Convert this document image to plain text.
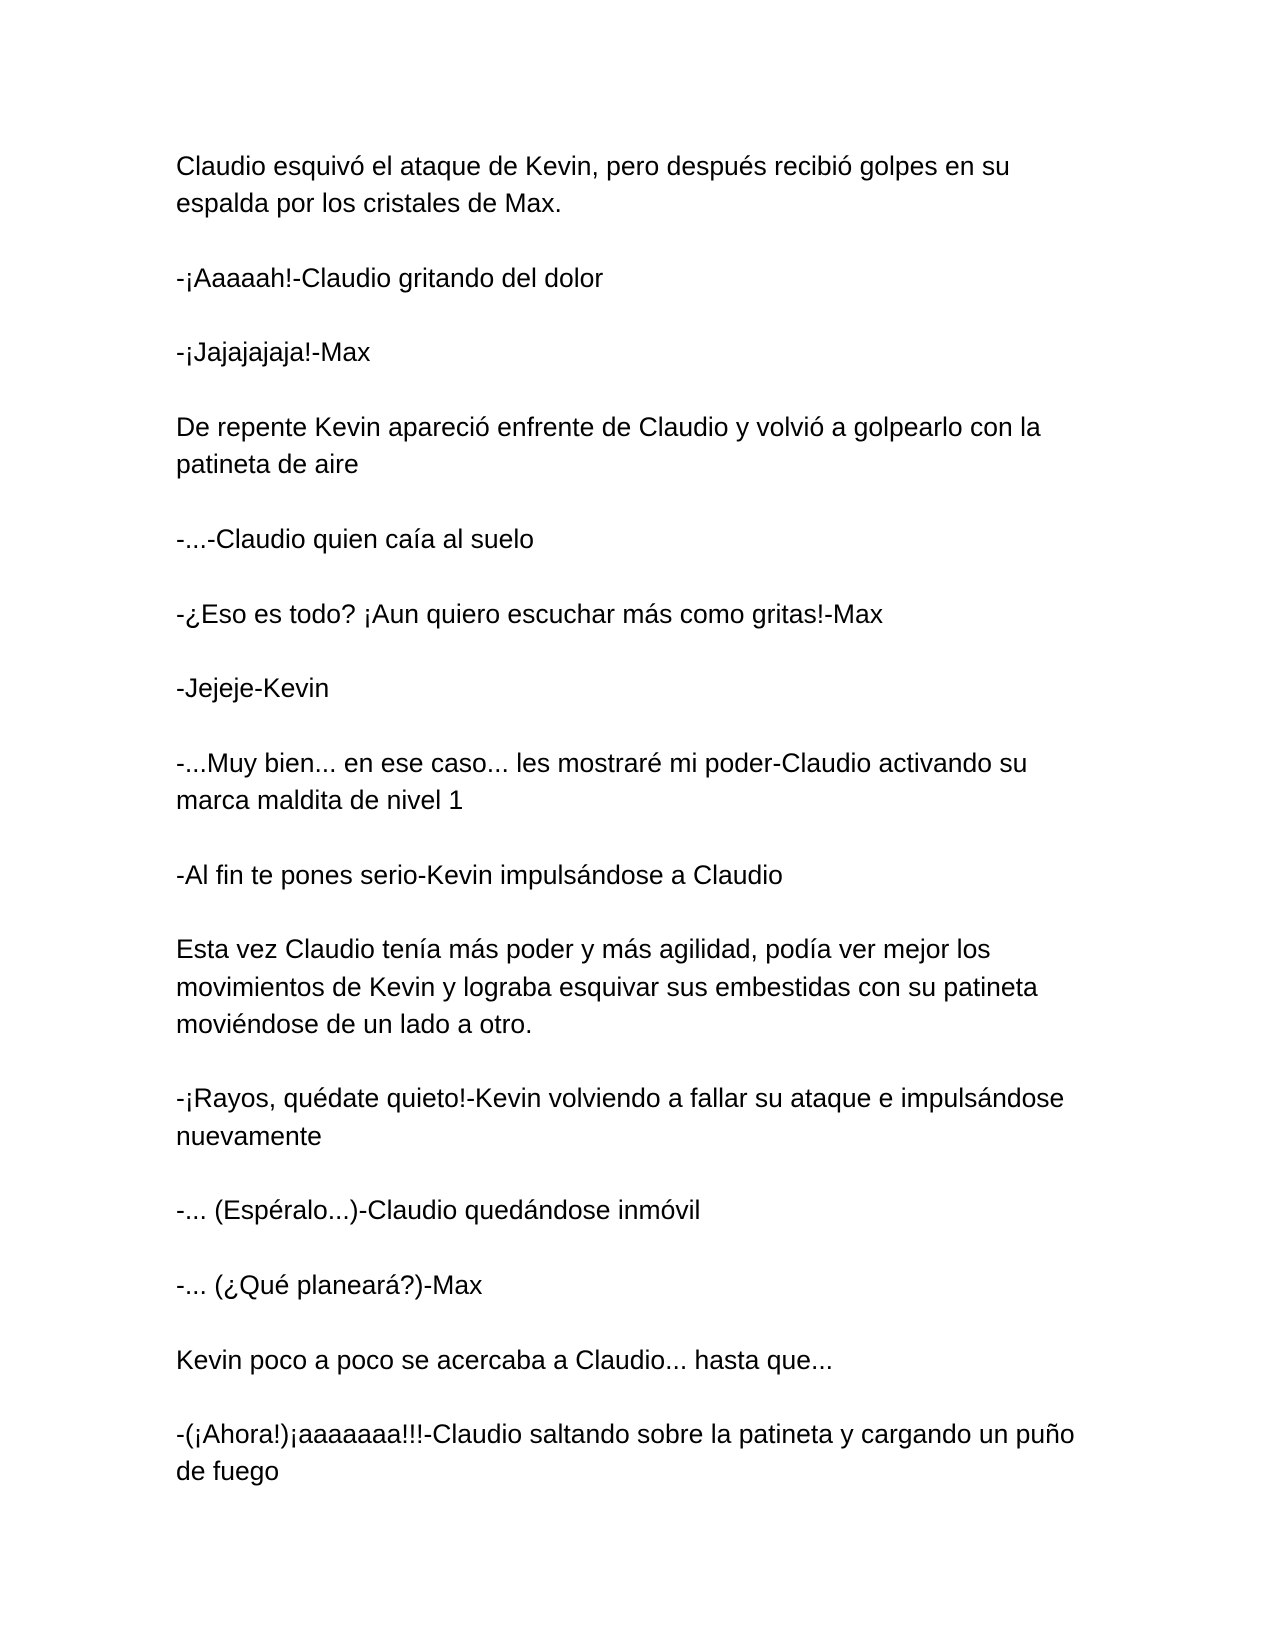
Claudio esquivó el ataque de Kevin, pero después recibió golpes en su espalda por los cristales de Max.

-¡Aaaaah!-Claudio gritando del dolor

-¡Jajajajaja!-Max

De repente Kevin apareció enfrente de Claudio y volvió a golpearlo con la patineta de aire

-...-Claudio quien caía al suelo

-¿Eso es todo? ¡Aun quiero escuchar más como gritas!-Max

-Jejeje-Kevin

-...Muy bien... en ese caso... les mostraré mi poder-Claudio activando su marca maldita de nivel 1

-Al fin te pones serio-Kevin impulsándose a Claudio

Esta vez Claudio tenía más poder y más agilidad, podía ver mejor los movimientos de Kevin y lograba esquivar sus embestidas con su patineta moviéndose de un lado a otro.

-¡Rayos, quédate quieto!-Kevin volviendo a fallar su ataque e impulsándose nuevamente

-... (Espéralo...)-Claudio quedándose inmóvil

-... (¿Qué planeará?)-Max

Kevin poco a poco se acercaba a Claudio... hasta que...

-(¡Ahora!)¡aaaaaaa!!!-Claudio saltando sobre la patineta y cargando un puño de fuego
